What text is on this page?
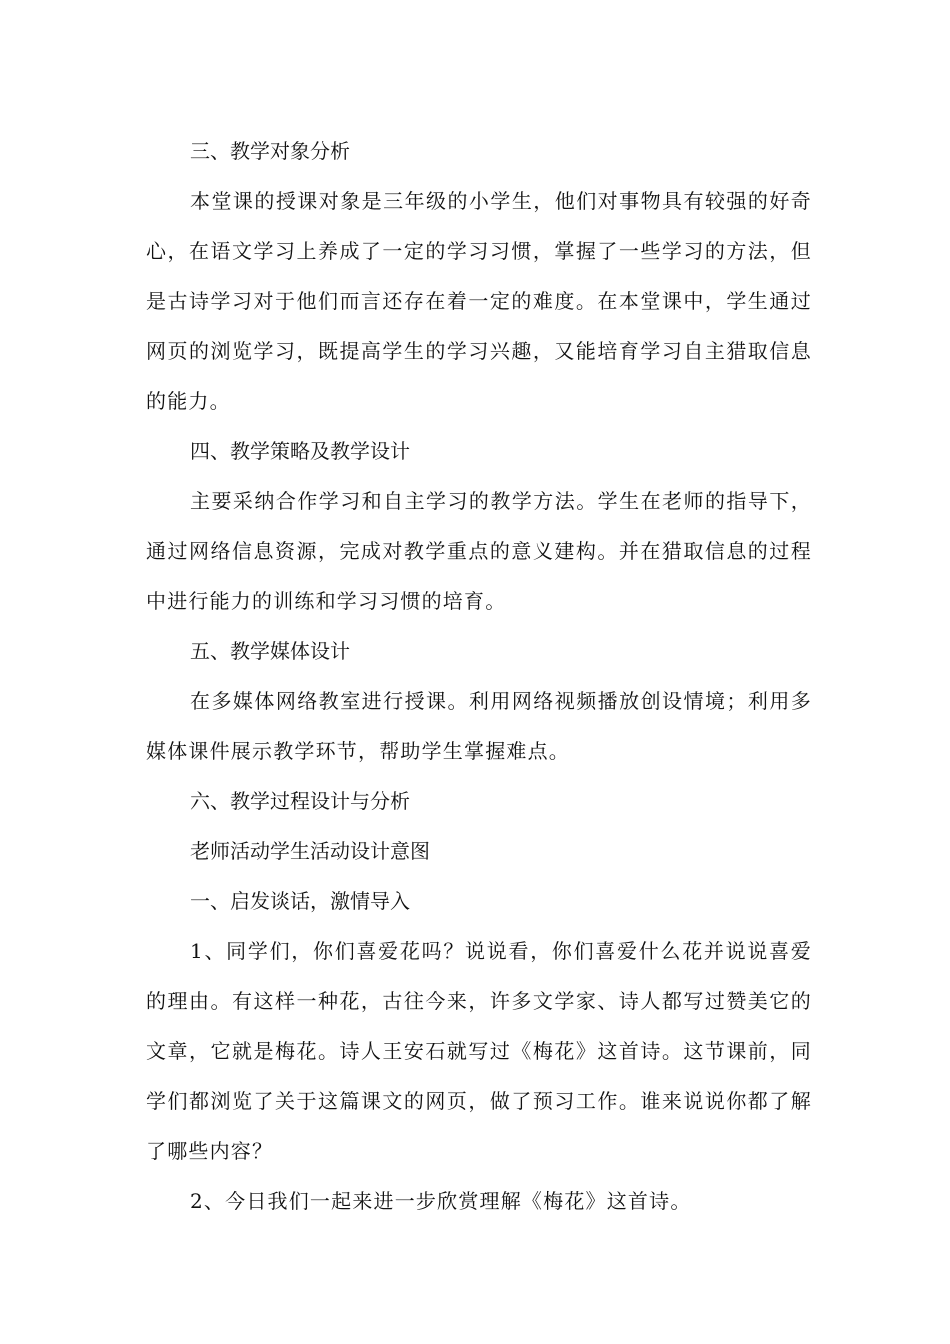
三、教学对象分析

本堂课的授课对象是三年级的小学生，他们对事物具有较强的好奇心，在语文学习上养成了一定的学习习惯，掌握了一些学习的方法，但是古诗学习对于他们而言还存在着一定的难度。在本堂课中，学生通过网页的浏览学习，既提高学生的学习兴趣，又能培育学习自主猎取信息的能力。

四、教学策略及教学设计

主要采纳合作学习和自主学习的教学方法。学生在老师的指导下，通过网络信息资源，完成对教学重点的意义建构。并在猎取信息的过程中进行能力的训练和学习习惯的培育。

五、教学媒体设计

在多媒体网络教室进行授课。利用网络视频播放创设情境；利用多媒体课件展示教学环节，帮助学生掌握难点。

六、教学过程设计与分析
老师活动学生活动设计意图
一、启发谈话，激情导入

1、同学们，你们喜爱花吗？说说看，你们喜爱什么花并说说喜爱的理由。有这样一种花，古往今来，许多文学家、诗人都写过赞美它的文章，它就是梅花。诗人王安石就写过《梅花》这首诗。这节课前，同学们都浏览了关于这篇课文的网页，做了预习工作。谁来说说你都了解了哪些内容？

2、今日我们一起来进一步欣赏理解《梅花》这首诗。
